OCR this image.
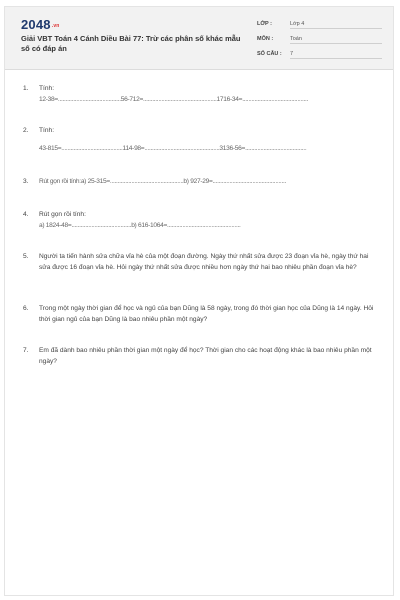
2048.vn
Giải VBT Toán 4 Cánh Diều Bài 77: Trừ các phân số khác mẫu số có đáp án
LỚP :	Lớp 4
MÔN :	Toán
SỐ CÂU : 7
1. Tính:
12-38=.........................................56-712=................................................1716-34=...........................................
2. Tính:
43-815=........................................114-98=.................................................3136-56=........................................
3. Rút gọn rồi tính:a) 25-315=................................................b) 927-29=................................................
4. Rút gọn rồi tính:
a) 1824-48=.......................................b) 616-1064=................................................
5. Người ta tiến hành sửa chữa vỉa hè của một đoạn đường. Ngày thứ nhất sửa được 23 đoạn vỉa hè, ngày thứ hai sửa được 16 đoạn vỉa hè. Hỏi ngày thứ nhất sửa được nhiều hơn ngày thứ hai bao nhiêu phần đoạn vỉa hè?
6. Trong một ngày thời gian để học và ngủ của bạn Dũng là 58 ngày, trong đó thời gian học của Dũng là 14 ngày. Hỏi thời gian ngủ của bạn Dũng là bao nhiêu phần một ngày?
7. Em đã dành bao nhiêu phần thời gian một ngày để học? Thời gian cho các hoạt động khác là bao nhiêu phần một ngày?
